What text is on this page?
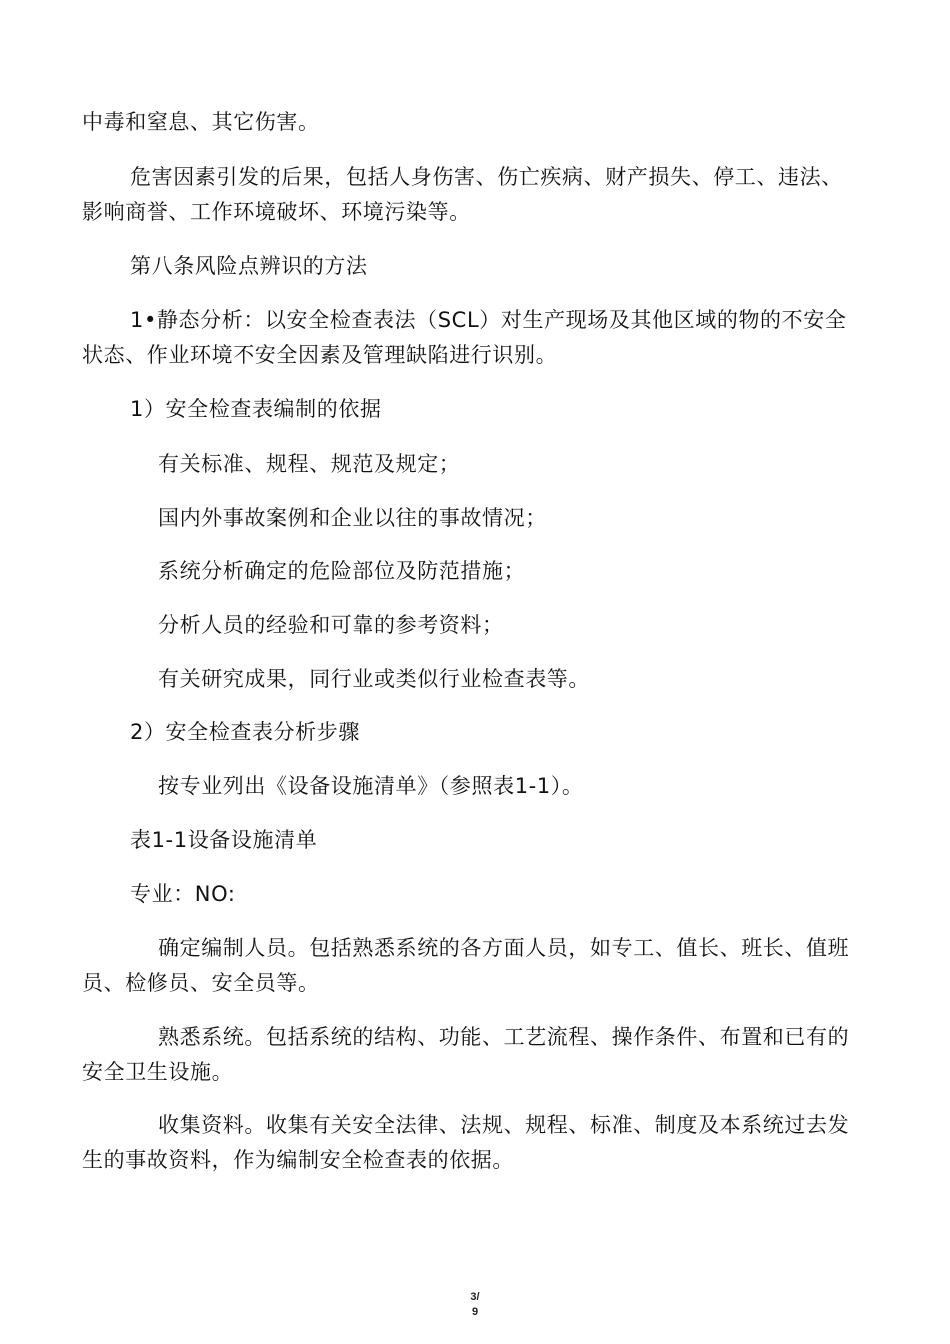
中毒和窒息、其它伤害。
危害因素引发的后果，包括人身伤害、伤亡疾病、财产损失、停工、违法、
影响商誉、工作环境破坏、环境污染等。
第八条风险点辨识的方法
1•静态分析：以安全检查表法（SCL）对生产现场及其他区域的物的不安全
状态、作业环境不安全因素及管理缺陷进行识别。
1）安全检查表编制的依据
有关标准、规程、规范及规定；
国内外事故案例和企业以往的事故情况；
系统分析确定的危险部位及防范措施；
分析人员的经验和可靠的参考资料；
有关研究成果，同行业或类似行业检查表等。
2）安全检查表分析步骤
按专业列出《设备设施清单》（参照表1-1）。
表1-1设备设施清单
专业：NO:
确定编制人员。包括熟悉系统的各方面人员，如专工、值长、班长、值班
员、检修员、安全员等。
熟悉系统。包括系统的结构、功能、工艺流程、操作条件、布置和已有的
安全卫生设施。
收集资料。收集有关安全法律、法规、规程、标准、制度及本系统过去发
生的事故资料，作为编制安全检查表的依据。
3/
9
